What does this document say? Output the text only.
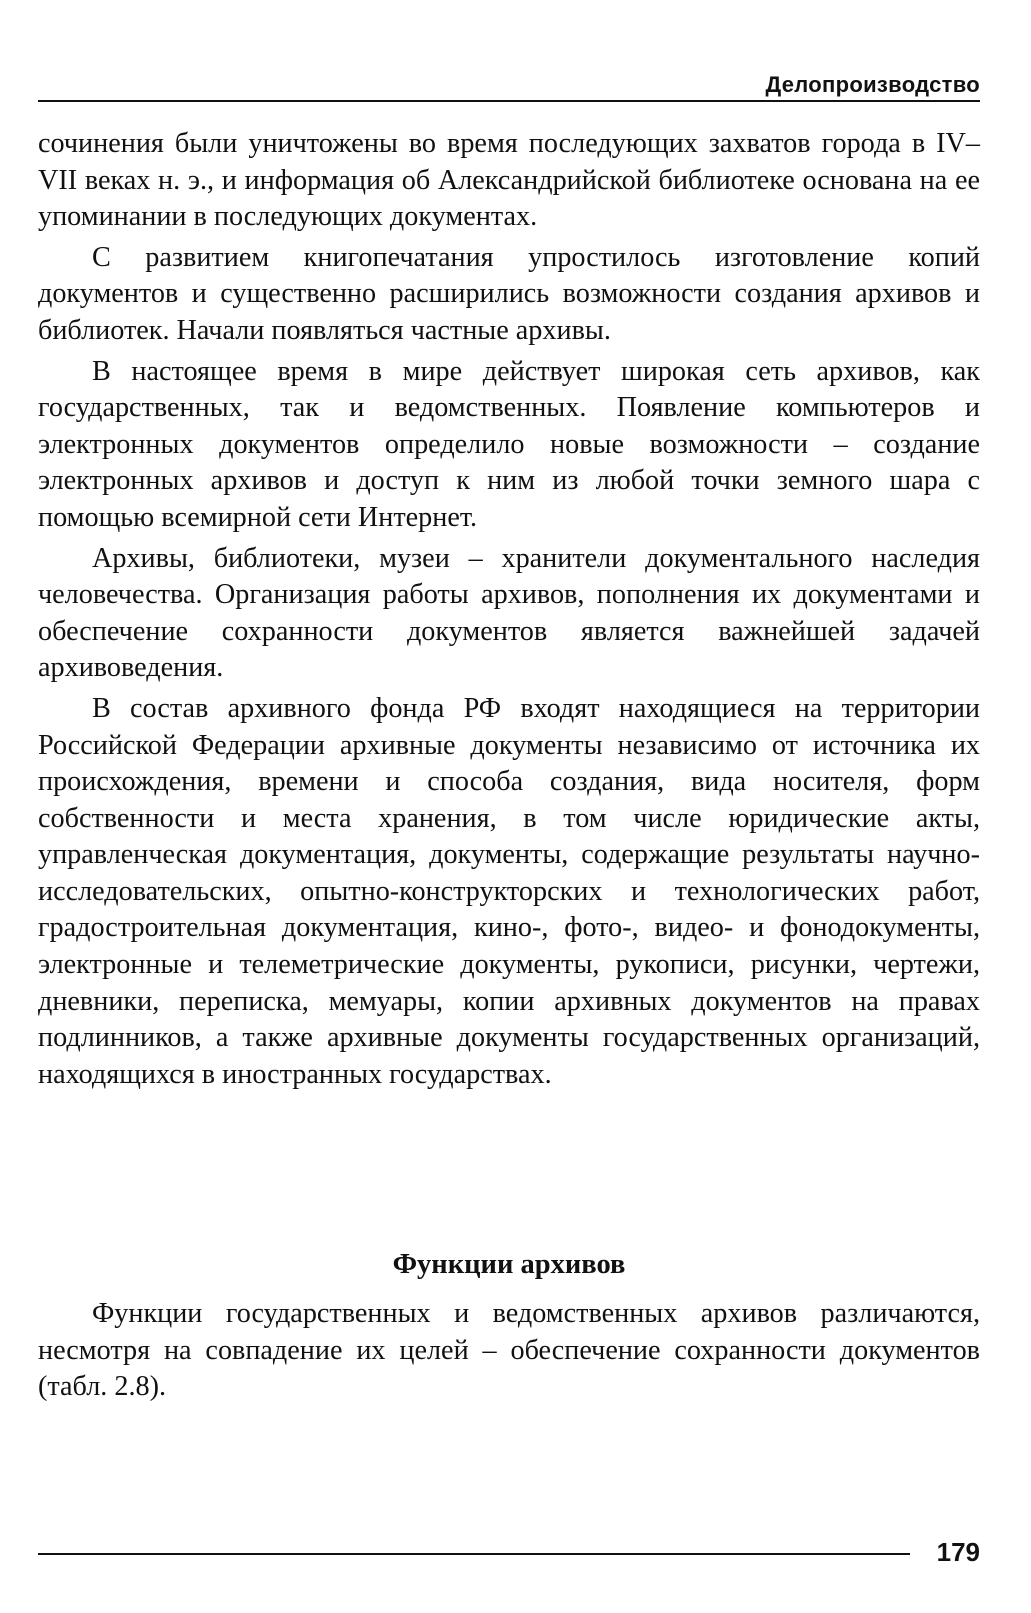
Делопроизводство

сочинения были уничтожены во время последующих захватов города в IV–VII веках н. э., и информация об Александрийской библиотеке основана на ее упоминании в последующих документах.

С развитием книгопечатания упростилось изготовление копий документов и существенно расширились возможности создания архивов и библиотек. Начали появляться частные архивы.

В настоящее время в мире действует широкая сеть архивов, как государственных, так и ведомственных. Появление компьютеров и электронных документов определило новые возможности – создание электронных архивов и доступ к ним из любой точки земного шара с помощью всемирной сети Интернет.

Архивы, библиотеки, музеи – хранители документального наследия человечества. Организация работы архивов, пополнения их документами и обеспечение сохранности документов является важнейшей задачей архивоведения.

В состав архивного фонда РФ входят находящиеся на территории Российской Федерации архивные документы независимо от источника их происхождения, времени и способа создания, вида носителя, форм собственности и места хранения, в том числе юридические акты, управленческая документация, документы, содержащие результаты научно-исследовательских, опытно-конструкторских и технологических работ, градостроительная документация, кино-, фото-, видео- и фонодокументы, электронные и телеметрические документы, рукописи, рисунки, чертежи, дневники, переписка, мемуары, копии архивных документов на правах подлинников, а также архивные документы государственных организаций, находящихся в иностранных государствах.

Функции архивов

Функции государственных и ведомственных архивов различаются, несмотря на совпадение их целей – обеспечение сохранности документов (табл. 2.8).

179
